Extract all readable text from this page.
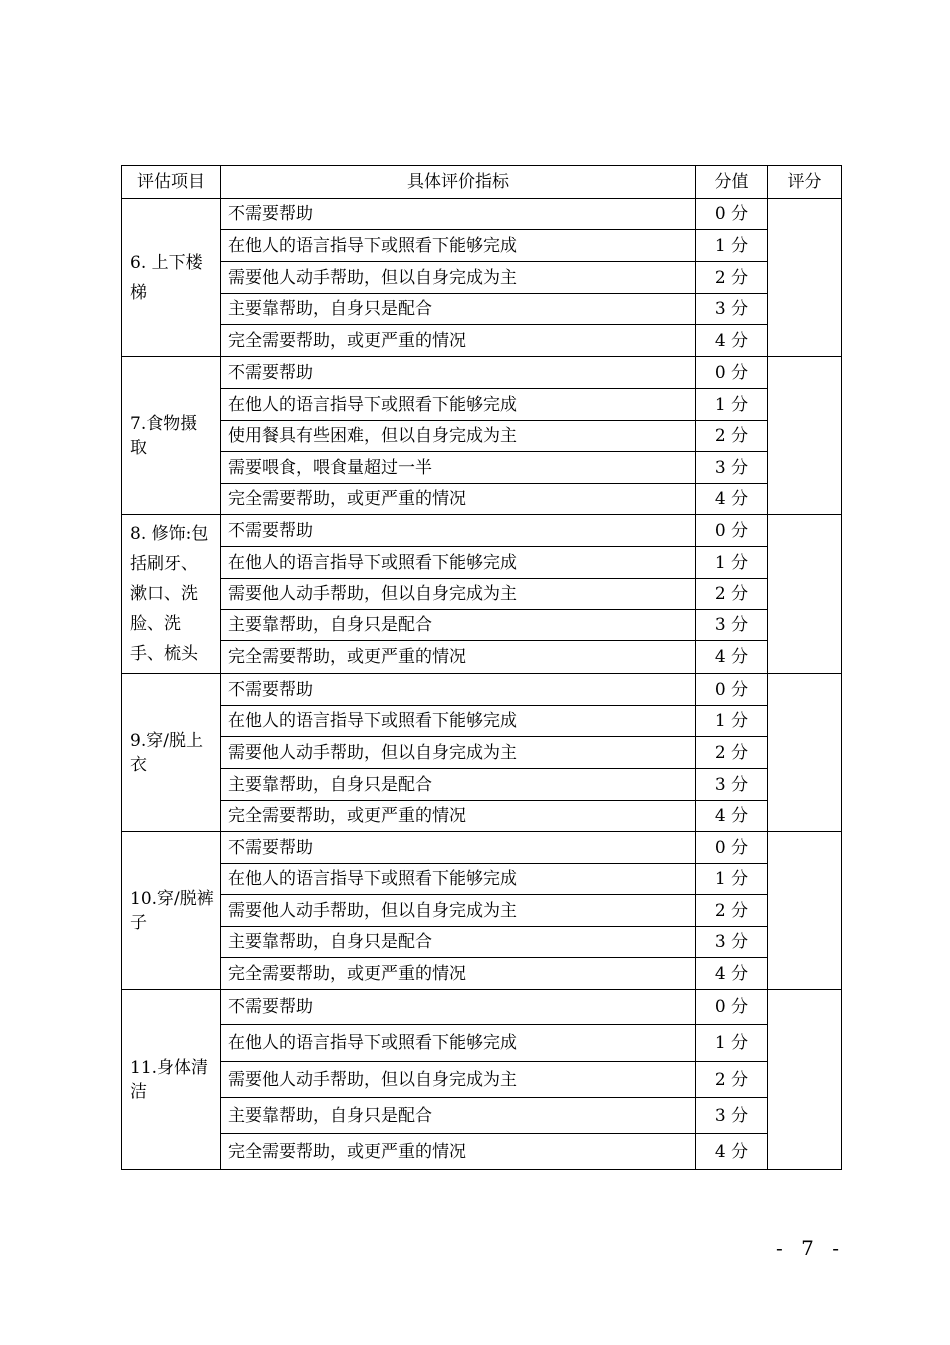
评估项目	具体评价指标	分值	评分
6. 上下楼梯	不需要帮助	0 分	
	在他人的语言指导下或照看下能够完成	1 分	
	需要他人动手帮助，但以自身完成为主	2 分	
	主要靠帮助，自身只是配合	3 分	
	完全需要帮助，或更严重的情况	4 分	
7.食物摄取	不需要帮助	0 分	
	在他人的语言指导下或照看下能够完成	1 分	
	使用餐具有些困难，但以自身完成为主	2 分	
	需要喂食，喂食量超过一半	3 分	
	完全需要帮助，或更严重的情况	4 分	
8. 修饰:包括刷牙、漱口、洗脸、洗手、梳头	不需要帮助	0 分	
	在他人的语言指导下或照看下能够完成	1 分	
	需要他人动手帮助，但以自身完成为主	2 分	
	主要靠帮助，自身只是配合	3 分	
	完全需要帮助，或更严重的情况	4 分	
9.穿/脱上衣	不需要帮助	0 分	
	在他人的语言指导下或照看下能够完成	1 分	
	需要他人动手帮助，但以自身完成为主	2 分	
	主要靠帮助，自身只是配合	3 分	
	完全需要帮助，或更严重的情况	4 分	
10.穿/脱裤子	不需要帮助	0 分	
	在他人的语言指导下或照看下能够完成	1 分	
	需要他人动手帮助，但以自身完成为主	2 分	
	主要靠帮助，自身只是配合	3 分	
	完全需要帮助，或更严重的情况	4 分	
11.身体清洁	不需要帮助	0 分	
	在他人的语言指导下或照看下能够完成	1 分	
	需要他人动手帮助，但以自身完成为主	2 分	
	主要靠帮助，自身只是配合	3 分	
	完全需要帮助，或更严重的情况	4 分	
- 7 -
